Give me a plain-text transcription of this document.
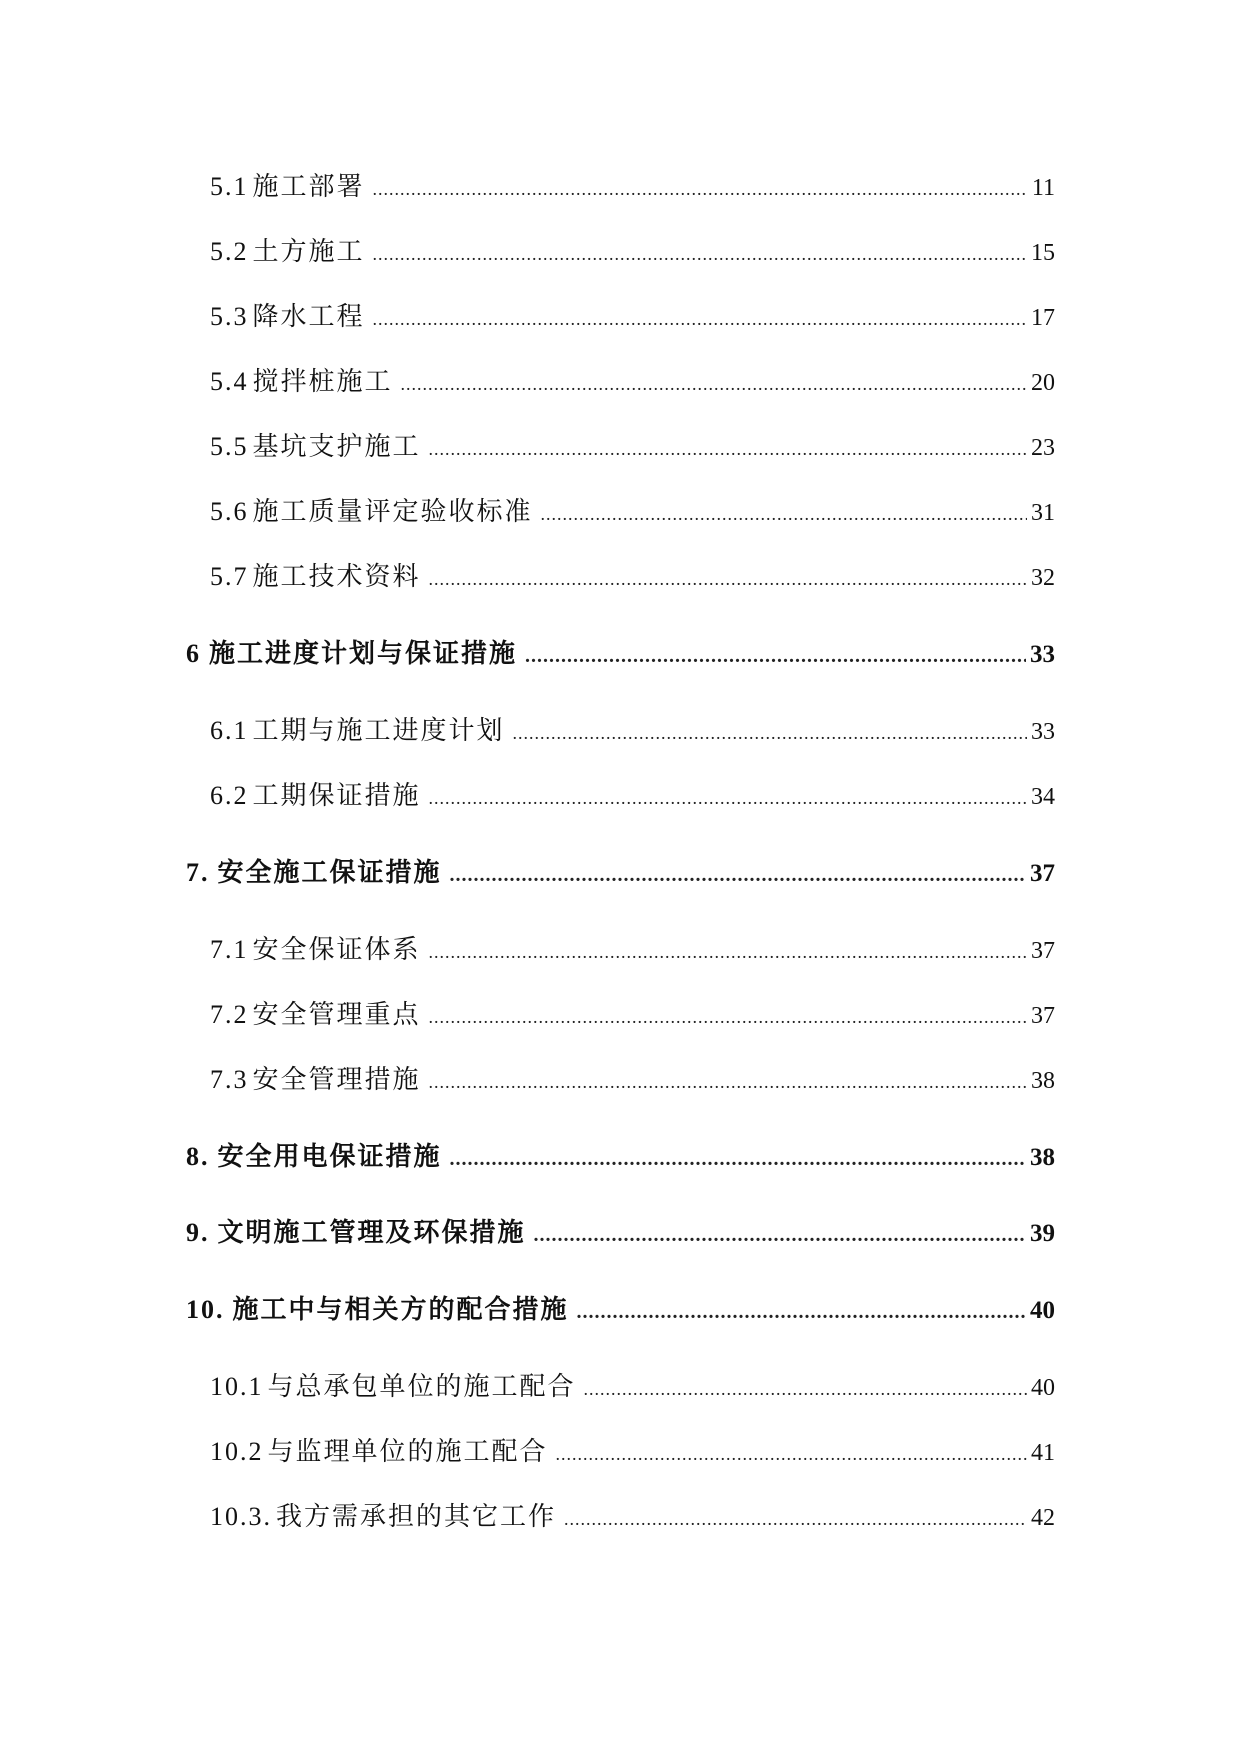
5.1 施工部署 .....	11
5.2 土方施工 .....	15
5.3 降水工程 .....	17
5.4 搅拌桩施工 .....	20
5.5 基坑支护施工 .....	23
5.6 施工质量评定验收标准 .....	31
5.7 施工技术资料 .....	32
6 施工进度计划与保证措施 .....	33
6.1 工期与施工进度计划 .....	33
6.2 工期保证措施 .....	34
7. 安全施工保证措施 .....	37
7.1 安全保证体系 .....	37
7.2 安全管理重点 .....	37
7.3 安全管理措施 .....	38
8. 安全用电保证措施 .....	38
9. 文明施工管理及环保措施 .....	39
10. 施工中与相关方的配合措施 .....	40
10.1 与总承包单位的施工配合 .....	40
10.2 与监理单位的施工配合 .....	41
10.3. 我方需承担的其它工作 .....	42
